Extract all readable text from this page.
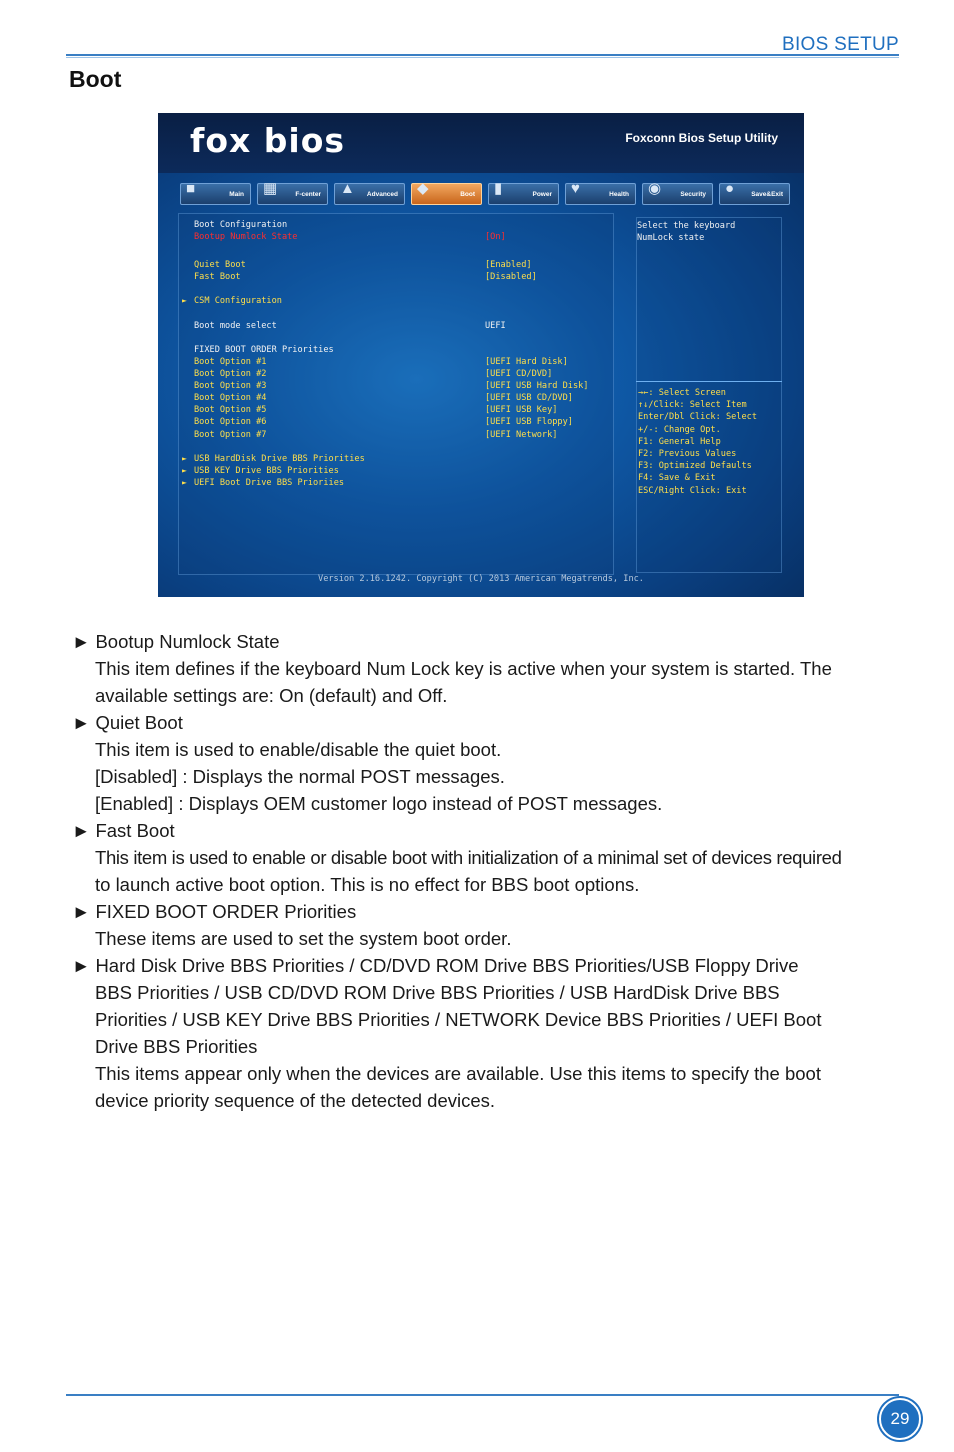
BIOS SETUP
Boot
fox bios	Foxconn Bios Setup Utility
■	Main ▦	F-center ▲	Advanced ◆	Boot ▮	Power ♥	Health ◉	Security ●	Save&Exit
Boot Configuration
Bootup Numlock State	[On]
Quiet Boot	[Enabled]
Fast Boot	[Disabled]
► CSM Configuration
Boot mode select	UEFI
FIXED BOOT ORDER Priorities
Boot Option #1	[UEFI Hard Disk]
Boot Option #2	[UEFI CD/DVD]
Boot Option #3	[UEFI USB Hard Disk]
Boot Option #4	[UEFI USB CD/DVD]
Boot Option #5	[UEFI USB Key]
Boot Option #6	[UEFI USB Floppy]
Boot Option #7	[UEFI Network]
► USB HardDisk Drive BBS Priorities
► USB KEY Drive BBS Priorities
► UEFI Boot Drive BBS Prioriies
Select the keyboard
NumLock state
→←: Select Screen
↑↓/Click: Select Item
Enter/Dbl Click: Select
+/-: Change Opt.
F1: General Help
F2: Previous Values
F3: Optimized Defaults
F4: Save & Exit
ESC/Right Click: Exit
Version 2.16.1242. Copyright (C) 2013 American Megatrends, Inc.
► Bootup Numlock State
This item defines if the keyboard Num Lock key is active when your system is started. The
available settings are: On (default) and Off.
► Quiet Boot
This item is used to enable/disable the quiet boot.
[Disabled] : Displays the normal POST messages.
[Enabled] : Displays OEM customer logo instead of POST messages.
► Fast Boot
This item is used to enable or disable boot with initialization of a minimal set of devices required
to launch active boot option. This is no effect for BBS boot options.
► FIXED BOOT ORDER Priorities
These items are used to set the system boot order.
► Hard Disk Drive BBS Priorities / CD/DVD ROM Drive BBS Priorities/USB Floppy Drive
BBS Priorities / USB CD/DVD ROM Drive BBS Priorities / USB HardDisk Drive BBS
Priorities / USB KEY Drive BBS Priorities / NETWORK Device BBS Priorities / UEFI Boot
Drive BBS Priorities
This items appear only when the devices are available. Use this items to specify the boot
device priority sequence of the detected devices.
29
